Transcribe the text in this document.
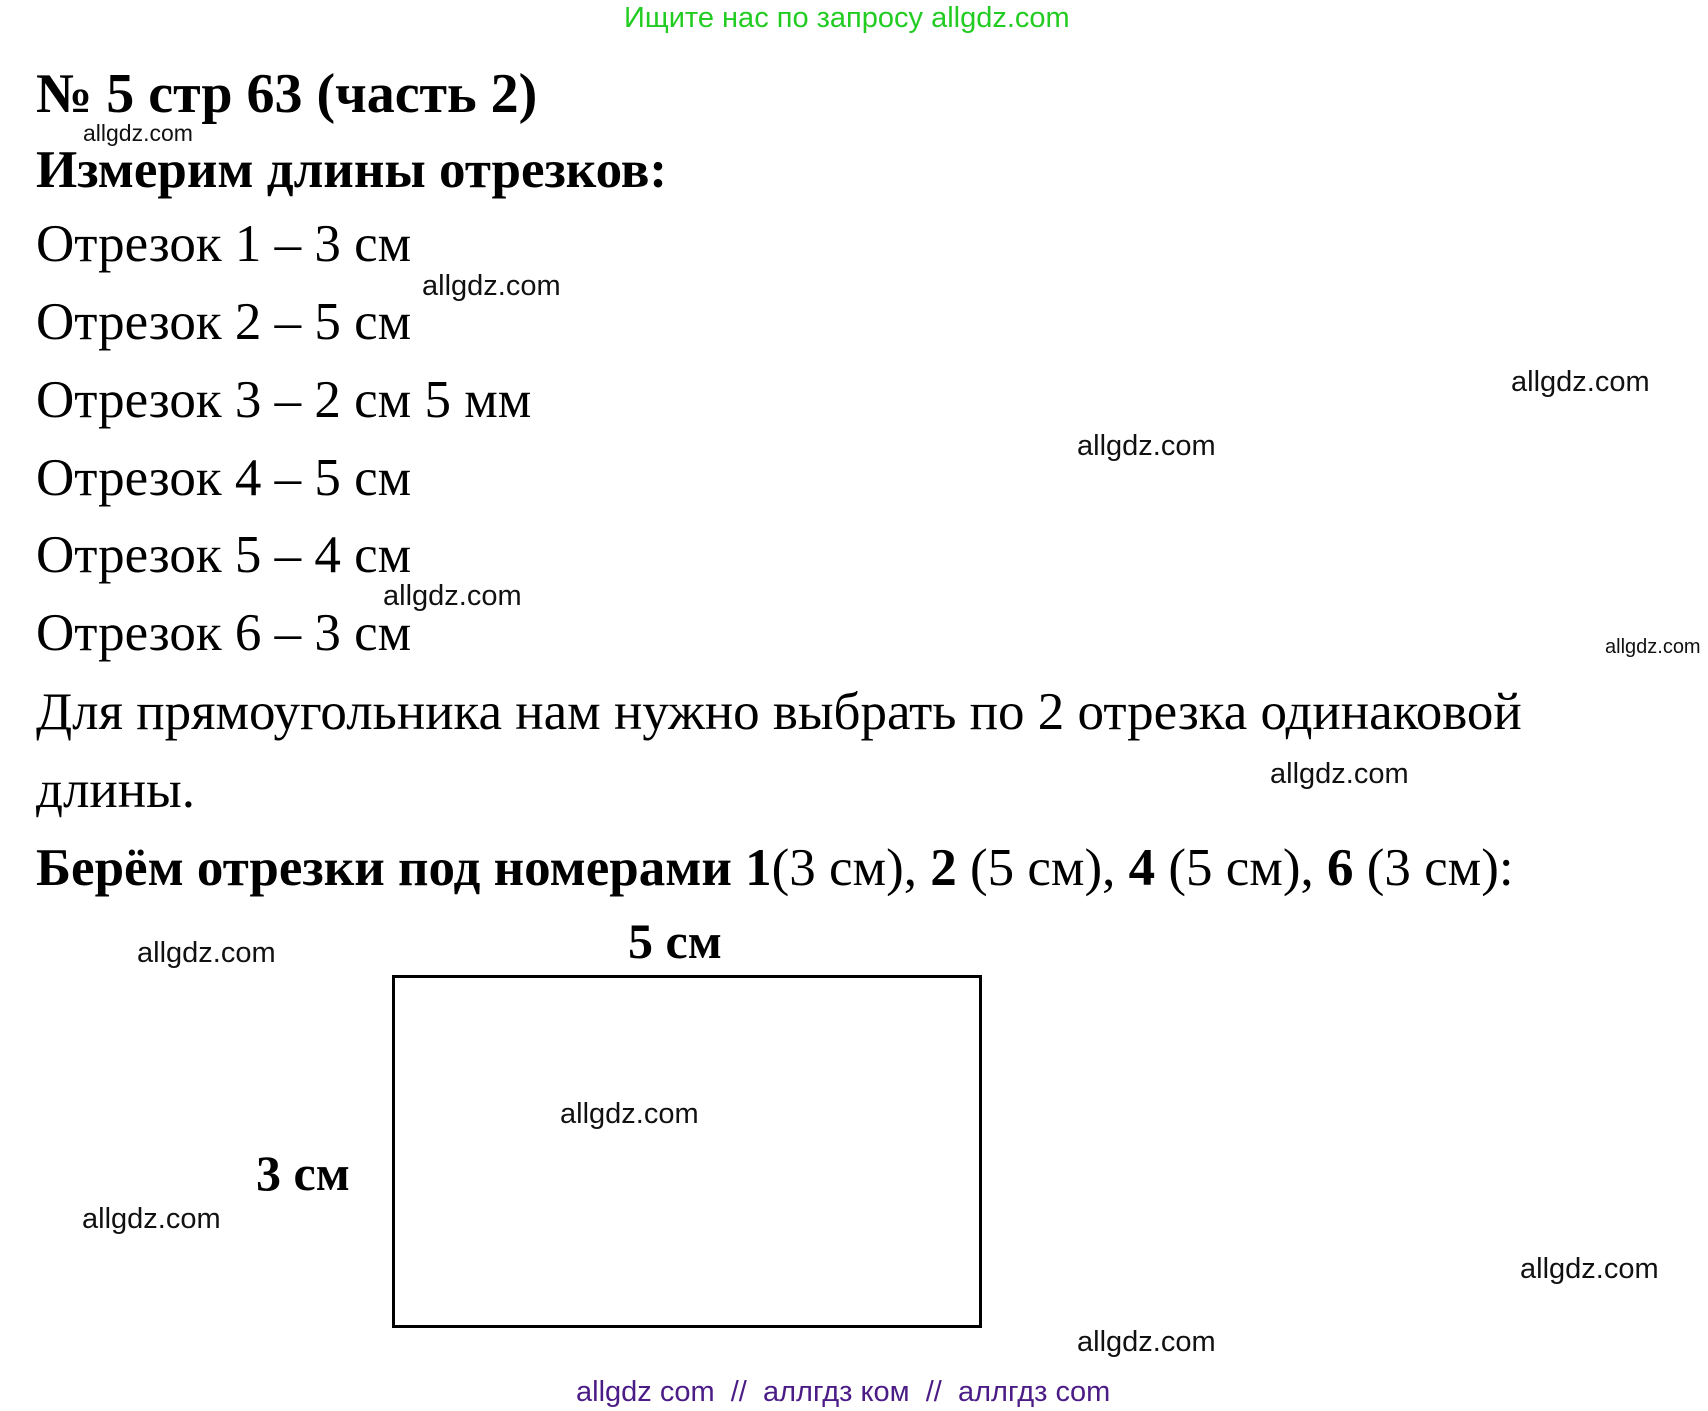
Ищите нас по запросу allgdz.com
№ 5 стр 63 (часть 2)
allgdz.com
Измерим длины отрезков:
Отрезок 1 – 3 см
allgdz.com
Отрезок 2 – 5 см
Отрезок 3 – 2 см 5 мм	allgdz.com
allgdz.com
Отрезок 4 – 5 см
Отрезок 5 – 4 см
allgdz.com
Отрезок 6 – 3 см	allgdz.com
Для прямоугольника нам нужно выбрать по 2 отрезка одинаковой
длины.	allgdz.com
Берём отрезки под номерами 1(3 см), 2 (5 см), 4 (5 см), 6 (3 см):
5 см
allgdz.com
allgdz.com
3 см
allgdz.com
allgdz.com
allgdz.com
allgdz com // аллгдз ком // аллгдз com
